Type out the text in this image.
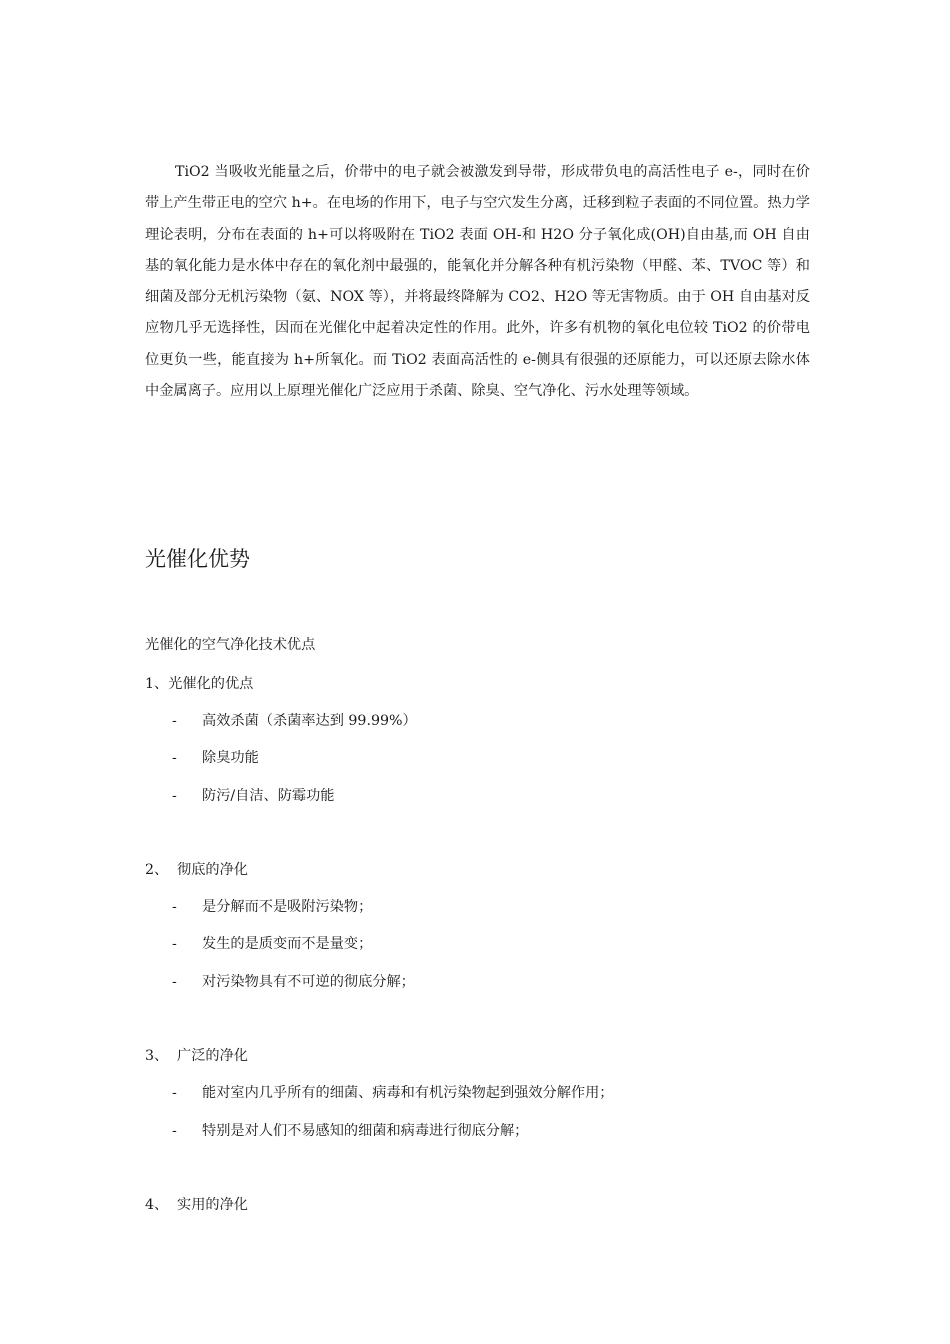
TiO2 当吸收光能量之后，价带中的电子就会被激发到导带，形成带负电的高活性电子 e-，同时在价带上产生带正电的空穴 h+。在电场的作用下，电子与空穴发生分离，迁移到粒子表面的不同位置。热力学理论表明，分布在表面的 h+可以将吸附在 TiO2 表面 OH-和 H2O 分子氧化成(OH)自由基,而 OH 自由基的氧化能力是水体中存在的氧化剂中最强的，能氧化并分解各种有机污染物（甲醛、苯、TVOC 等）和细菌及部分无机污染物（氨、NOX 等），并将最终降解为 CO2、H2O 等无害物质。由于 OH 自由基对反应物几乎无选择性，因而在光催化中起着决定性的作用。此外，许多有机物的氧化电位较 TiO2 的价带电位更负一些，能直接为 h+所氧化。而 TiO2 表面高活性的 e-侧具有很强的还原能力，可以还原去除水体中金属离子。应用以上原理光催化广泛应用于杀菌、除臭、空气净化、污水处理等领域。

光催化优势

光催化的空气净化技术优点

1、光催化的优点

- 高效杀菌（杀菌率达到 99.99%）

- 除臭功能

- 防污/自洁、防霉功能

2、 彻底的净化

- 是分解而不是吸附污染物；

- 发生的是质变而不是量变；

- 对污染物具有不可逆的彻底分解；

3、 广泛的净化

- 能对室内几乎所有的细菌、病毒和有机污染物起到强效分解作用；

- 特别是对人们不易感知的细菌和病毒进行彻底分解；

4、 实用的净化
